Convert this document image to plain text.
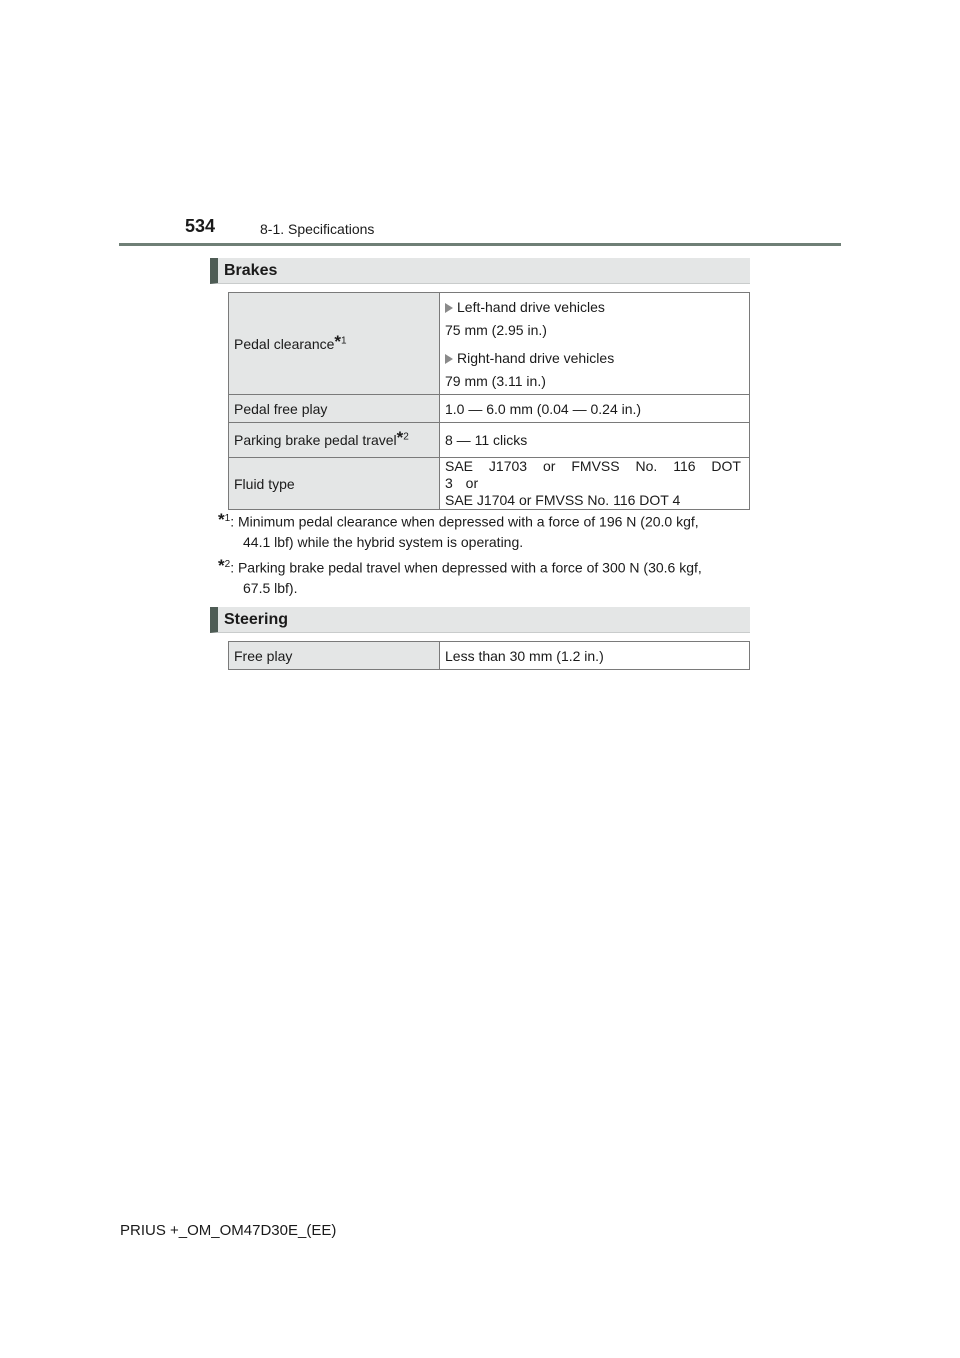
534	8-1. Specifications
Brakes
Pedal clearance*$^1$	Left-hand drive vehicles
75 mm (2.95 in.)
Right-hand drive vehicles
79 mm (3.11 in.)

Pedal free play	1.0 — 6.0 mm (0.04 — 0.24 in.)
Parking brake pedal travel*$^2$	8 — 11 clicks
Fluid type	SAE J1703 or FMVSS No. 116 DOT 3 or
SAE J1704 or FMVSS No. 116 DOT 4
*$^1$: Minimum pedal clearance when depressed with a force of 196 N (20.0 kgf,
44.1 lbf) while the hybrid system is operating.
*$^2$: Parking brake pedal travel when depressed with a force of 300 N (30.6 kgf,
67.5 lbf).
Steering
Free play	Less than 30 mm (1.2 in.)
PRIUS +_OM_OM47D30E_(EE)
